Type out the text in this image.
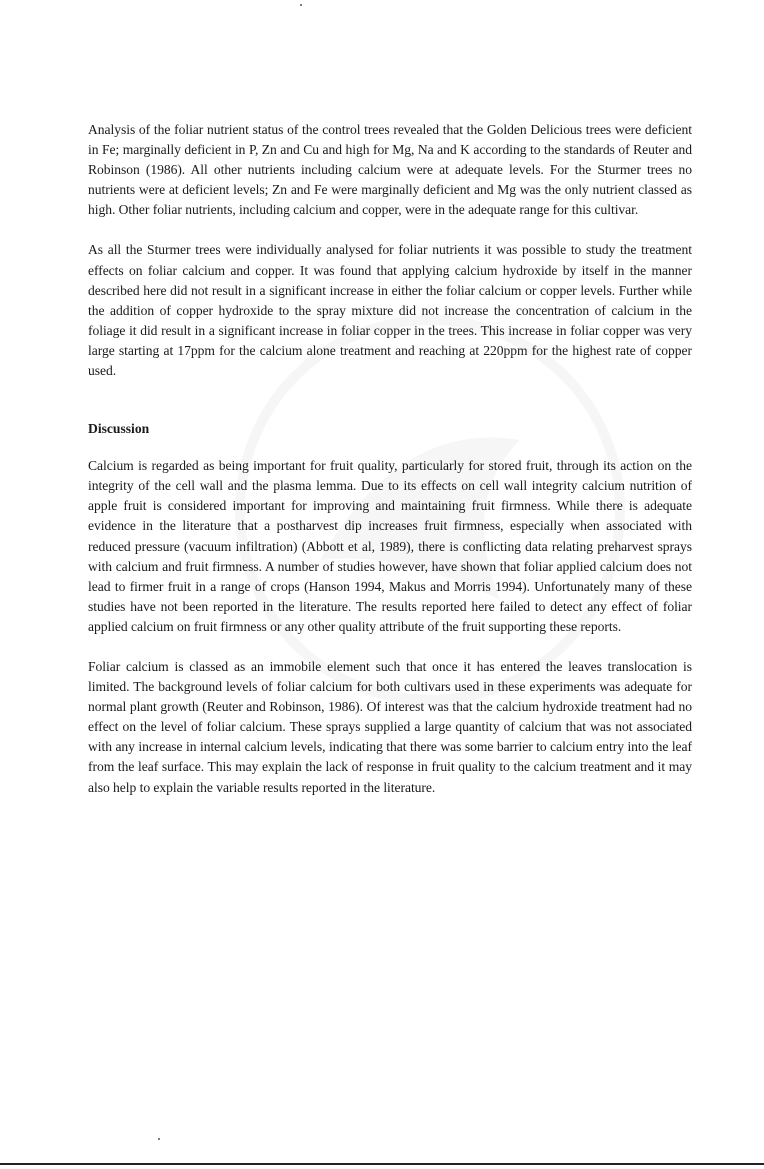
Analysis of the foliar nutrient status of the control trees revealed that the Golden Delicious trees were deficient in Fe; marginally deficient in P, Zn and Cu and high for Mg, Na and K according to the standards of Reuter and Robinson (1986). All other nutrients including calcium were at adequate levels. For the Sturmer trees no nutrients were at deficient levels; Zn and Fe were marginally deficient and Mg was the only nutrient classed as high. Other foliar nutrients, including calcium and copper, were in the adequate range for this cultivar.

As all the Sturmer trees were individually analysed for foliar nutrients it was possible to study the treatment effects on foliar calcium and copper. It was found that applying calcium hydroxide by itself in the manner described here did not result in a significant increase in either the foliar calcium or copper levels. Further while the addition of copper hydroxide to the spray mixture did not increase the concentration of calcium in the foliage it did result in a significant increase in foliar copper in the trees. This increase in foliar copper was very large starting at 17ppm for the calcium alone treatment and reaching at 220ppm for the highest rate of copper used.

Discussion

Calcium is regarded as being important for fruit quality, particularly for stored fruit, through its action on the integrity of the cell wall and the plasma lemma. Due to its effects on cell wall integrity calcium nutrition of apple fruit is considered important for improving and maintaining fruit firmness. While there is adequate evidence in the literature that a postharvest dip increases fruit firmness, especially when associated with reduced pressure (vacuum infiltration) (Abbott et al, 1989), there is conflicting data relating preharvest sprays with calcium and fruit firmness. A number of studies however, have shown that foliar applied calcium does not lead to firmer fruit in a range of crops (Hanson 1994, Makus and Morris 1994). Unfortunately many of these studies have not been reported in the literature. The results reported here failed to detect any effect of foliar applied calcium on fruit firmness or any other quality attribute of the fruit supporting these reports.

Foliar calcium is classed as an immobile element such that once it has entered the leaves translocation is limited. The background levels of foliar calcium for both cultivars used in these experiments was adequate for normal plant growth (Reuter and Robinson, 1986). Of interest was that the calcium hydroxide treatment had no effect on the level of foliar calcium. These sprays supplied a large quantity of calcium that was not associated with any increase in internal calcium levels, indicating that there was some barrier to calcium entry into the leaf from the leaf surface. This may explain the lack of response in fruit quality to the calcium treatment and it may also help to explain the variable results reported in the literature.
